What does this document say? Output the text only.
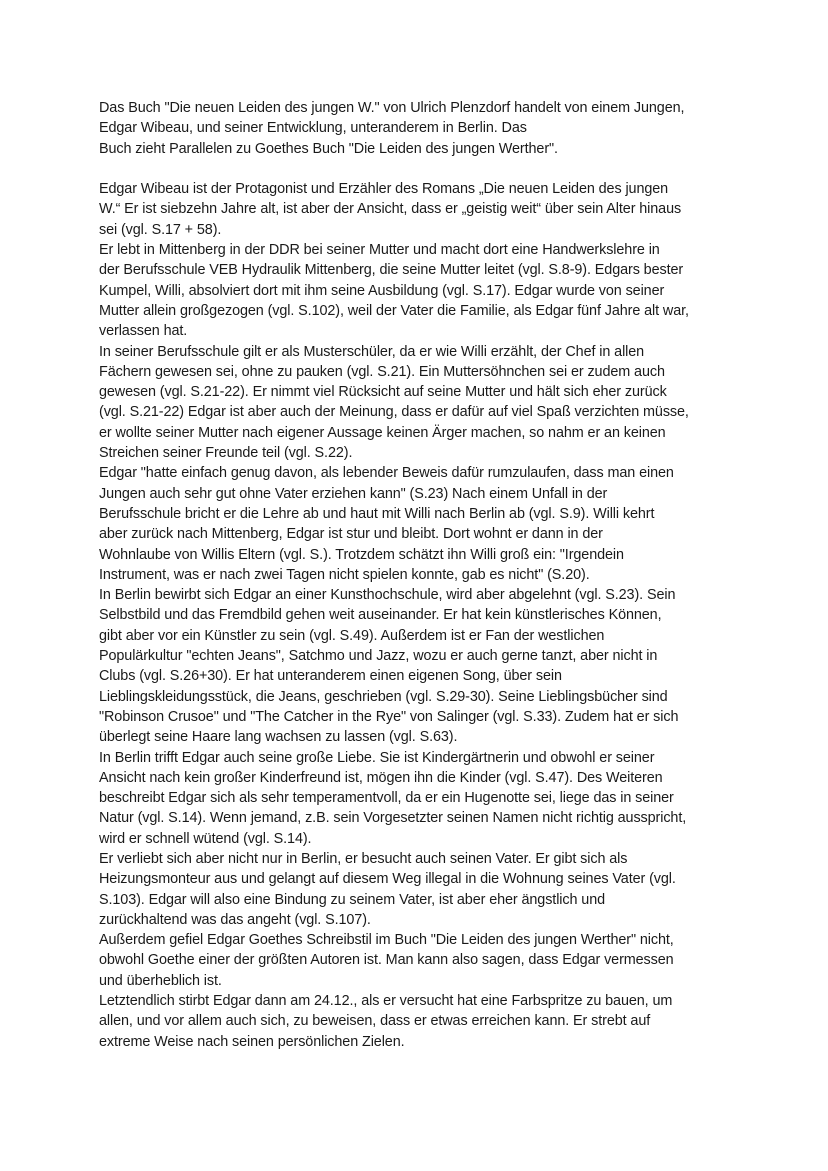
Das Buch "Die neuen Leiden des jungen W." von Ulrich Plenzdorf handelt von einem Jungen,
Edgar Wibeau, und seiner Entwicklung, unteranderem in Berlin. Das
Buch zieht Parallelen zu Goethes Buch "Die Leiden des jungen Werther".
Edgar Wibeau ist der Protagonist und Erzähler des Romans „Die neuen Leiden des jungen
W.“ Er ist siebzehn Jahre alt, ist aber der Ansicht, dass er „geistig weit“ über sein Alter hinaus
sei (vgl. S.17 + 58).
Er lebt in Mittenberg in der DDR bei seiner Mutter und macht dort eine Handwerkslehre in
der Berufsschule VEB Hydraulik Mittenberg, die seine Mutter leitet (vgl. S.8-9). Edgars bester
Kumpel, Willi, absolviert dort mit ihm seine Ausbildung (vgl. S.17). Edgar wurde von seiner
Mutter allein großgezogen (vgl. S.102), weil der Vater die Familie, als Edgar fünf Jahre alt war,
verlassen hat.
In seiner Berufsschule gilt er als Musterschüler, da er wie Willi erzählt, der Chef in allen
Fächern gewesen sei, ohne zu pauken (vgl. S.21). Ein Muttersöhnchen sei er zudem auch
gewesen (vgl. S.21-22). Er nimmt viel Rücksicht auf seine Mutter und hält sich eher zurück
(vgl. S.21-22) Edgar ist aber auch der Meinung, dass er dafür auf viel Spaß verzichten müsse,
er wollte seiner Mutter nach eigener Aussage keinen Ärger machen, so nahm er an keinen
Streichen seiner Freunde teil (vgl. S.22).
Edgar "hatte einfach genug davon, als lebender Beweis dafür rumzulaufen, dass man einen
Jungen auch sehr gut ohne Vater erziehen kann" (S.23) Nach einem Unfall in der
Berufsschule bricht er die Lehre ab und haut mit Willi nach Berlin ab (vgl. S.9). Willi kehrt
aber zurück nach Mittenberg, Edgar ist stur und bleibt. Dort wohnt er dann in der
Wohnlaube von Willis Eltern (vgl. S.). Trotzdem schätzt ihn Willi groß ein: "Irgendein
Instrument, was er nach zwei Tagen nicht spielen konnte, gab es nicht" (S.20).
In Berlin bewirbt sich Edgar an einer Kunsthochschule, wird aber abgelehnt (vgl. S.23). Sein
Selbstbild und das Fremdbild gehen weit auseinander. Er hat kein künstlerisches Können,
gibt aber vor ein Künstler zu sein (vgl. S.49). Außerdem ist er Fan der westlichen
Populärkultur "echten Jeans", Satchmo und Jazz, wozu er auch gerne tanzt, aber nicht in
Clubs (vgl. S.26+30). Er hat unteranderem einen eigenen Song, über sein
Lieblingskleidungsstück, die Jeans, geschrieben (vgl. S.29-30). Seine Lieblingsbücher sind
"Robinson Crusoe" und "The Catcher in the Rye" von Salinger (vgl. S.33). Zudem hat er sich
überlegt seine Haare lang wachsen zu lassen (vgl. S.63).
In Berlin trifft Edgar auch seine große Liebe. Sie ist Kindergärtnerin und obwohl er seiner
Ansicht nach kein großer Kinderfreund ist, mögen ihn die Kinder (vgl. S.47). Des Weiteren
beschreibt Edgar sich als sehr temperamentvoll, da er ein Hugenotte sei, liege das in seiner
Natur (vgl. S.14). Wenn jemand, z.B. sein Vorgesetzter seinen Namen nicht richtig ausspricht,
wird er schnell wütend (vgl. S.14).
Er verliebt sich aber nicht nur in Berlin, er besucht auch seinen Vater. Er gibt sich als
Heizungsmonteur aus und gelangt auf diesem Weg illegal in die Wohnung seines Vater (vgl.
S.103). Edgar will also eine Bindung zu seinem Vater, ist aber eher ängstlich und
zurückhaltend was das angeht (vgl. S.107).
Außerdem gefiel Edgar Goethes Schreibstil im Buch "Die Leiden des jungen Werther" nicht,
obwohl Goethe einer der größten Autoren ist. Man kann also sagen, dass Edgar vermessen
und überheblich ist.
Letztendlich stirbt Edgar dann am 24.12., als er versucht hat eine Farbspritze zu bauen, um
allen, und vor allem auch sich, zu beweisen, dass er etwas erreichen kann. Er strebt auf
extreme Weise nach seinen persönlichen Zielen.
